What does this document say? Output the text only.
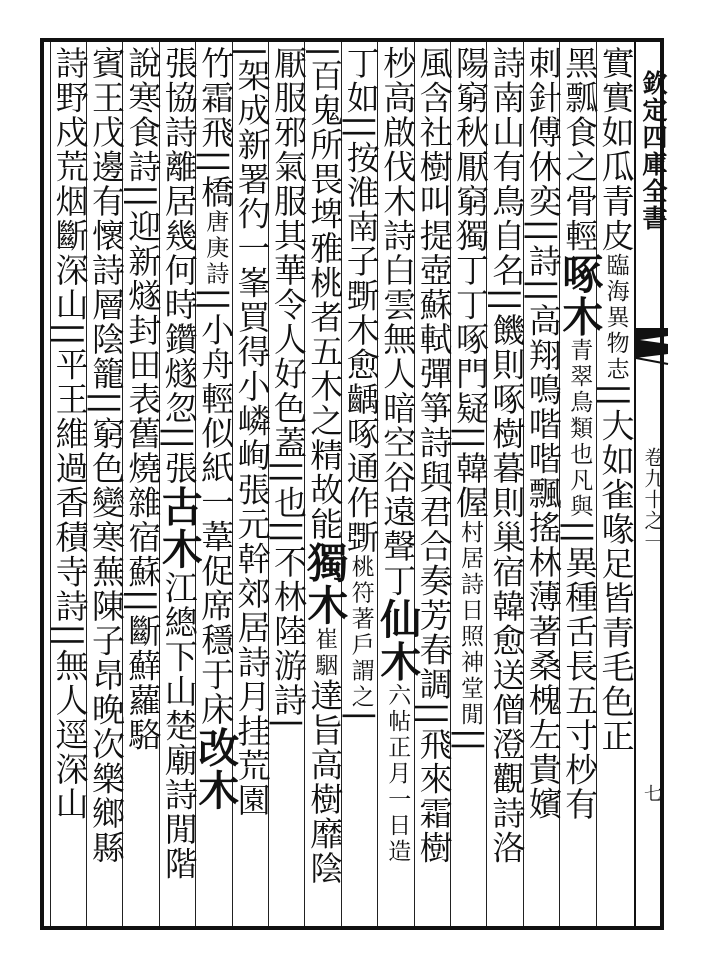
欽定四庫全書
卷九十之一
七
實實如瓜青皮臨海異物志||大如雀喙足皆青毛色正
黑瓢食之骨輕啄木青翠鳥類也凡與||異種舌長五寸杪有
刺針傅休奕||詩||高翔鳴喈喈飄搖林薄著桑槐左貴嬪
詩南山有鳥自名||饑則啄樹暮則巢宿韓愈送僧澄觀詩洛
陽窮秋厭窮獨丁丁啄門疑||韓偓村居詩日照神堂閒||
風含社樹叫提壺蘇軾彈箏詩與君合奏芳春調||飛來霜樹
杪高啟伐木詩白雲無人暗空谷遠聲丁仙木六帖正月一日造
丁如||按淮南子斲木愈齲啄通作斲桃符著戶謂之|
|百鬼所畏埤雅桃者五木之精故能獨木崔駰達旨高樹靡陰
厭服邪氣服其華令人好色蓋||也||不林陸游詩|
|架成新署彴一峯買得小嶙峋張元幹郊居詩月挂荒園
竹霜飛||橋唐庚詩||小舟輕似紙一葦促席穩于床改木
張協詩離居幾何時鑽燧忽||張古木江總下山楚廟詩閒階
說寒食詩||迎新燧封田表舊燒雜宿蘇||斷蘚蘿駱
賓王戊邊有懷詩層陰籠||窮色變寒蕪陳子昂晚次樂鄉縣
詩野戍荒烟斷深山||平王維過香積寺詩||無人逕深山
